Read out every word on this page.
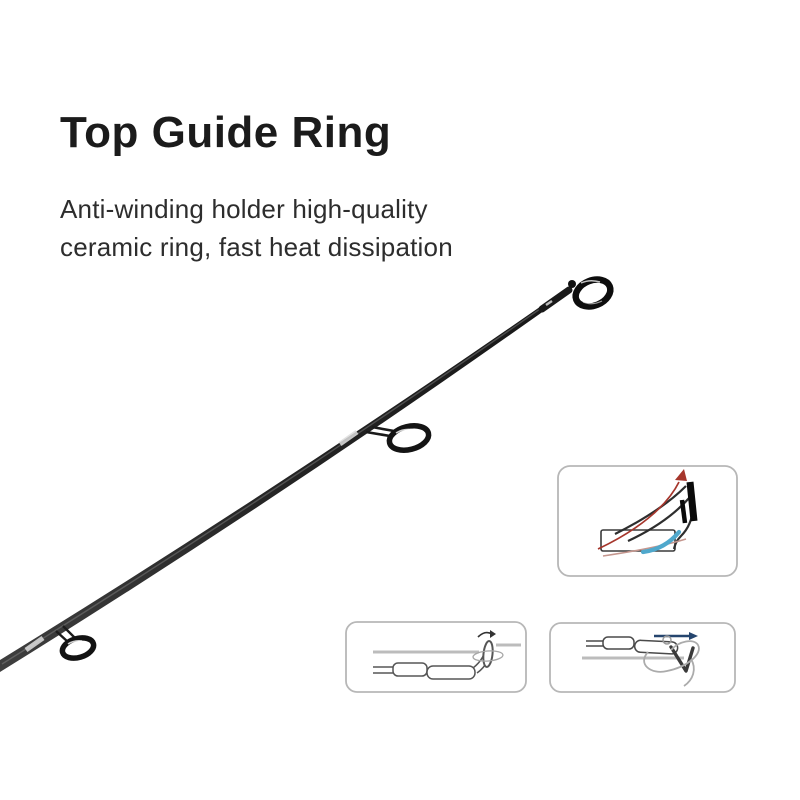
Top Guide Ring
Anti-winding holder high-quality
ceramic ring, fast heat dissipation
